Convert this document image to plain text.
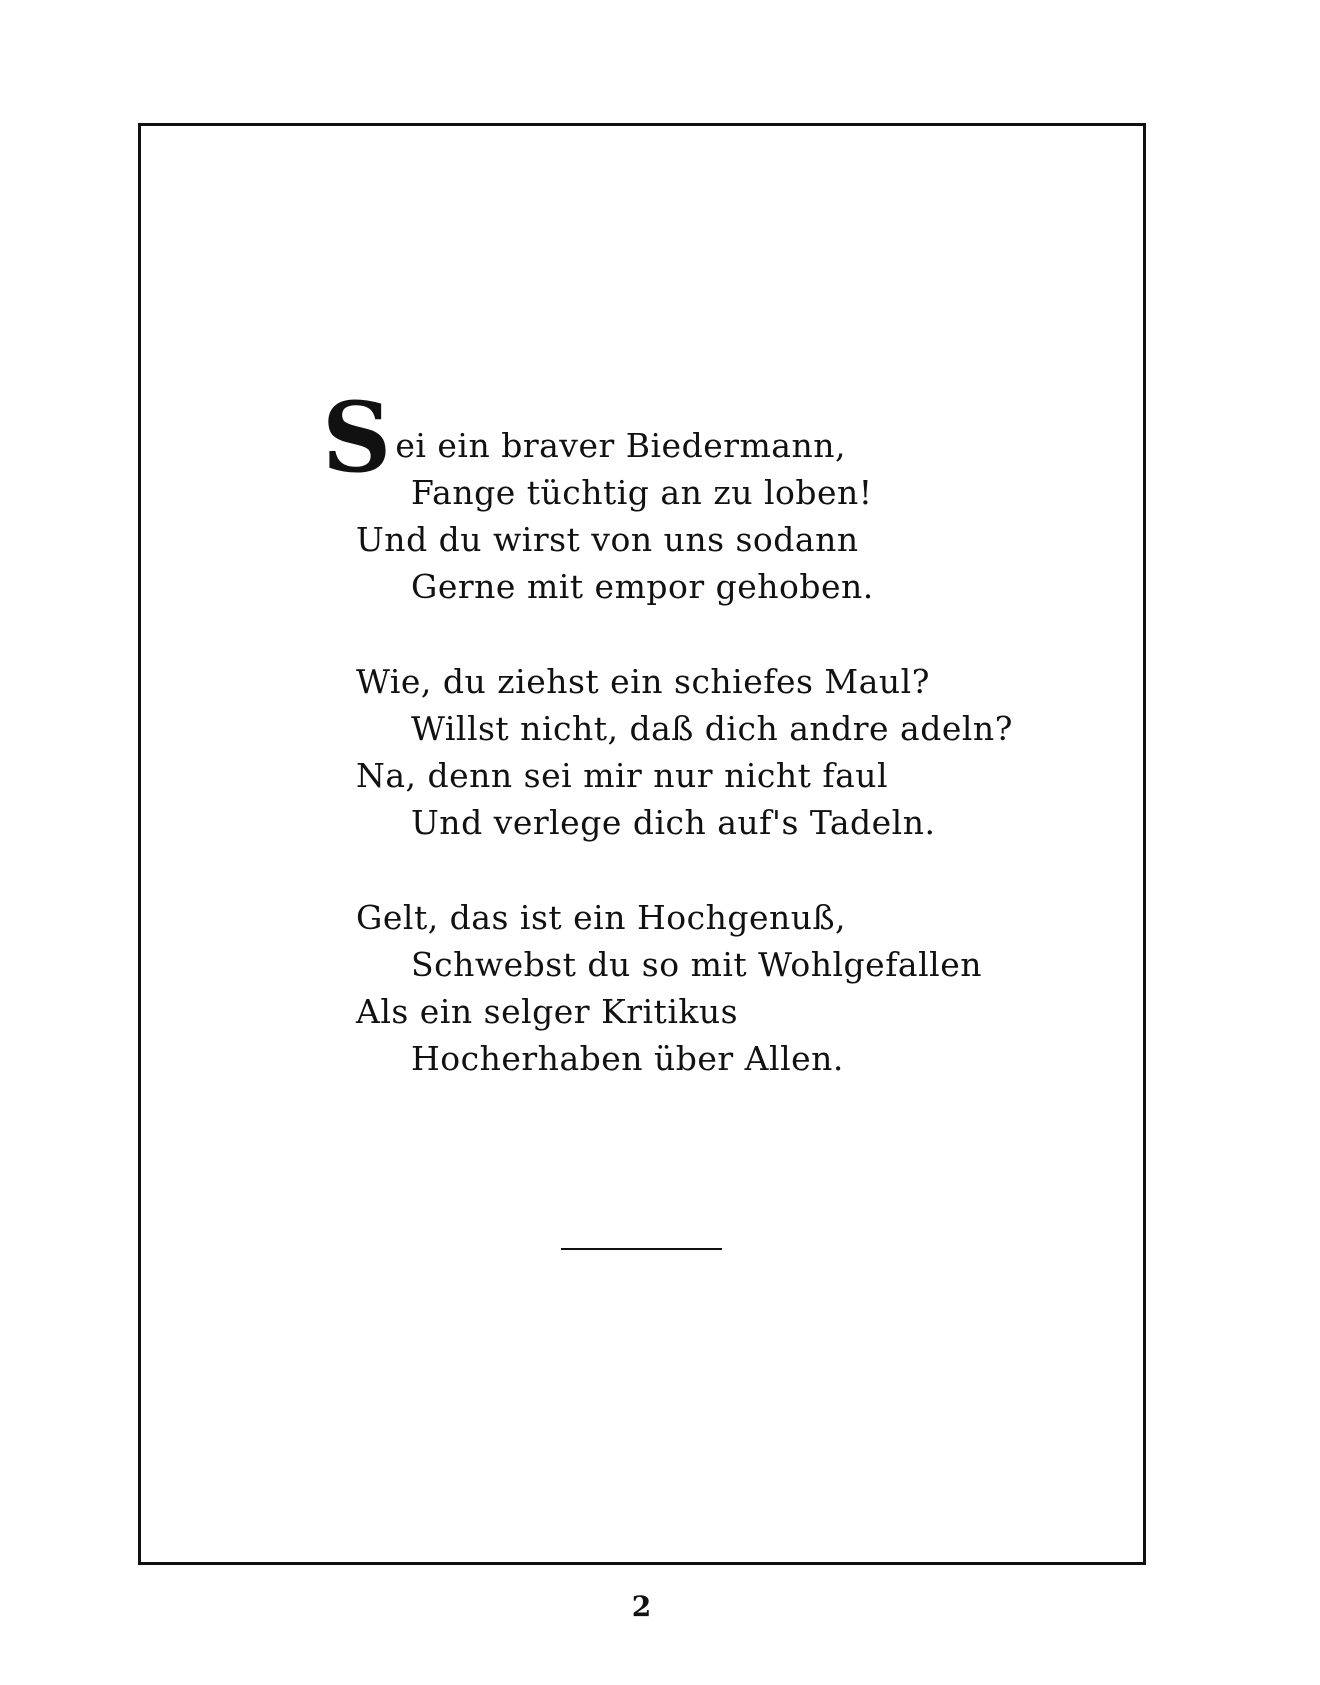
S ei ein braver Biedermann,
Fange tüchtig an zu loben!
Und du wirst von uns sodann
Gerne mit empor gehoben.
Wie, du ziehst ein schiefes Maul?
Willst nicht, daß dich andre adeln?
Na, denn sei mir nur nicht faul
Und verlege dich auf's Tadeln.
Gelt, das ist ein Hochgenuß,
Schwebst du so mit Wohlgefallen
Als ein selger Kritikus
Hocherhaben über Allen.
2
